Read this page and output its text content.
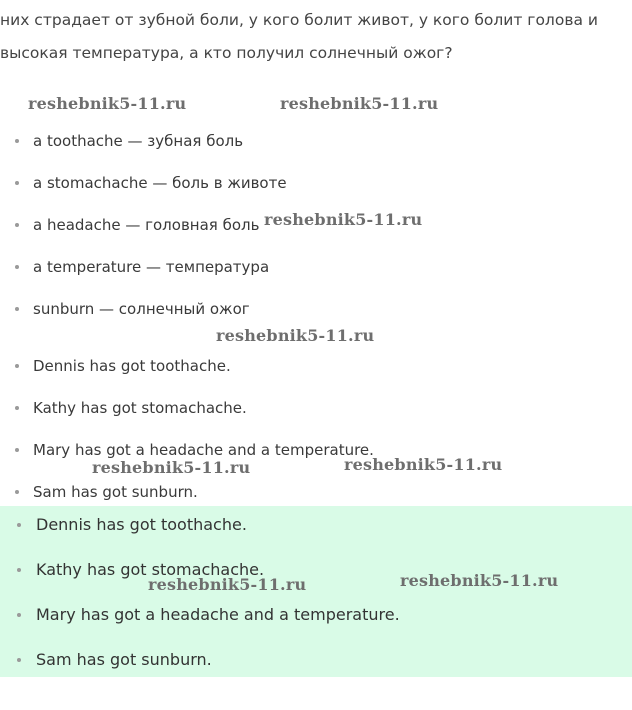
них страдает от зубной боли, у кого болит живот, у кого болит голова и высокая температура, а кто получил солнечный ожог?
a toothache — зубная боль
a stomachache — боль в животе
a headache — головная боль
a temperature — температура
sunburn — солнечный ожог
Dennis has got toothache.
Kathy has got stomachache.
Mary has got a headache and a temperature.
Sam has got sunburn.
Dennis has got toothache.
Kathy has got stomachache.
Mary has got a headache and a temperature.
Sam has got sunburn.
reshebnik5-11.ru	reshebnik5-11.ru
reshebnik5-11.ru
reshebnik5-11.ru
reshebnik5-11.ru	reshebnik5-11.ru
reshebnik5-11.ru	reshebnik5-11.ru
